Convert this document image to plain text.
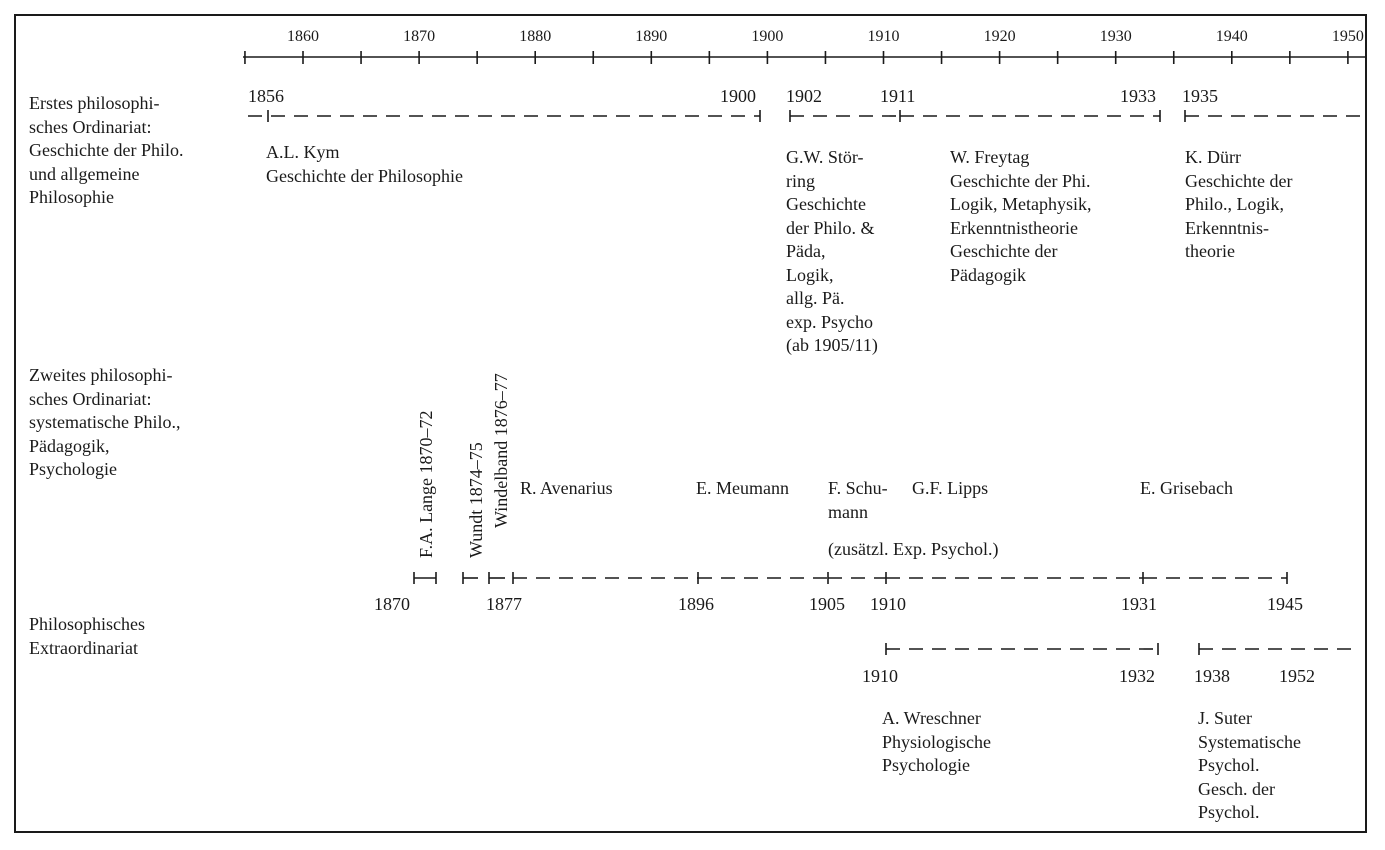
1860	1870	1880	1890	1900	1910	1920	1930	1940	1950
Erstes philosophi-
sches Ordinariat:
Geschichte der Philo.
und allgemeine
Philosophie
Zweites philosophi-
sches Ordinariat:
systematische Philo.,
Pädagogik,
Psychologie
Philosophisches
Extraordinariat
1856	1900 1902	1911	1933 1935
A.L. Kym
Geschichte der Philosophie
G.W. Stör-
ring
Geschichte
der Philo. &
Päda,
Logik,
allg. Pä.
exp. Psycho
(ab 1905/11)
W. Freytag
Geschichte der Phi.
Logik, Metaphysik,
Erkenntnistheorie
Geschichte der
Pädagogik
K. Dürr
Geschichte der
Philo., Logik,
Erkenntnis-
theorie
F.A. Lange 1870–72 Wundt 1874–75 Windelband 1876–77 R. Avenarius	E. Meumann F. Schu-
mann
G.F. Lipps	E. Grisebach
(zusätzl. Exp. Psychol.)
1870	1877	1896	1905 1910	1931	1945
1910	1932 1938	1952
A. Wreschner
Physiologische
Psychologie
J. Suter
Systematische
Psychol.
Gesch. der
Psychol.
